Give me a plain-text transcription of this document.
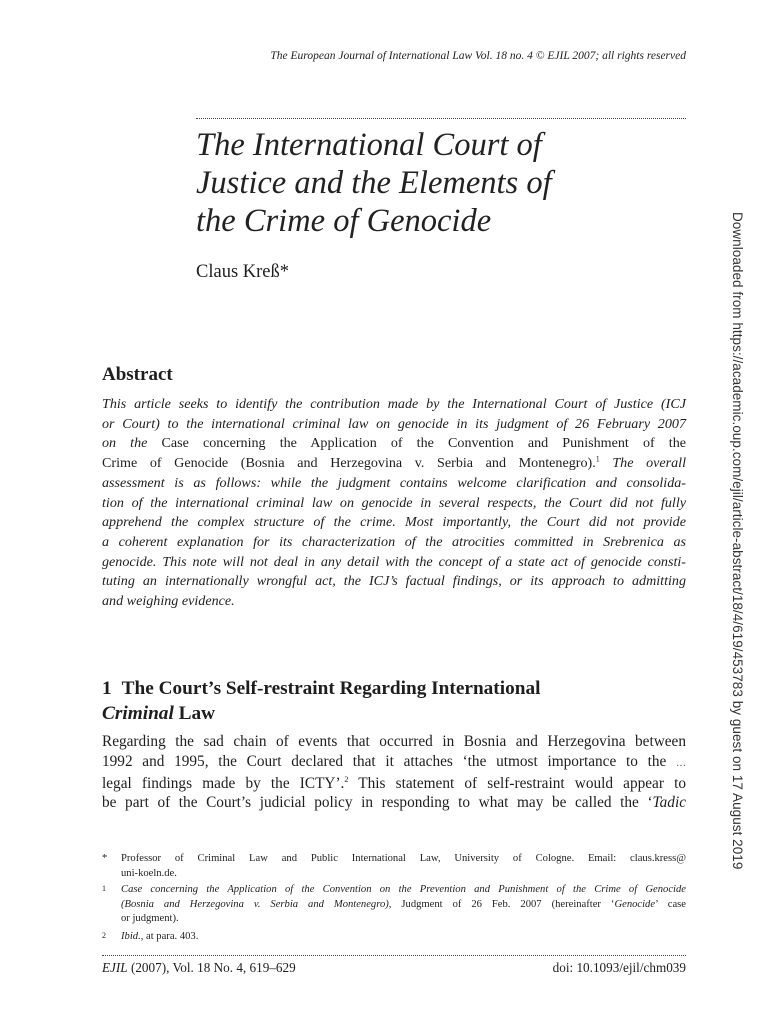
The European Journal of International Law Vol. 18 no. 4 © EJIL 2007; all rights reserved
The International Court of
Justice and the Elements of
the Crime of Genocide
Claus Kreß*
Abstract
This article seeks to identify the contribution made by the International Court of Justice (ICJ
or Court) to the international criminal law on genocide in its judgment of 26 February 2007
on the Case concerning the Application of the Convention and Punishment of the
Crime of Genocide (Bosnia and Herzegovina v. Serbia and Montenegro).$^1$ The overall
assessment is as follows: while the judgment contains welcome clarification and consolida-
tion of the international criminal law on genocide in several respects, the Court did not fully
apprehend the complex structure of the crime. Most importantly, the Court did not provide
a coherent explanation for its characterization of the atrocities committed in Srebrenica as
genocide. This note will not deal in any detail with the concept of a state act of genocide consti-
tuting an internationally wrongful act, the ICJ’s factual findings, or its approach to admitting
and weighing evidence.
1 The Court’s Self-restraint Regarding International
Criminal Law
Regarding the sad chain of events that occurred in Bosnia and Herzegovina between
1992 and 1995, the Court declared that it attaches ‘the utmost importance to the …
legal findings made by the ICTY’.$^2$ This statement of self-restraint would appear to
be part of the Court’s judicial policy in responding to what may be called the ‘Tadic
*	Professor of Criminal Law and Public International Law, University of Cologne. Email: claus.kress@
uni-koeln.de.
1	Case concerning the Application of the Convention on the Prevention and Punishment of the Crime of Genocide
(Bosnia and Herzegovina v. Serbia and Montenegro), Judgment of 26 Feb. 2007 (hereinafter ‘Genocide’ case
or judgment).
2	Ibid., at para. 403.
EJIL (2007), Vol. 18 No. 4, 619–629	doi: 10.1093/ejil/chm039
Downloaded from https://academic.oup.com/ejil/article-abstract/18/4/619/453783 by guest on 17 August 2019
